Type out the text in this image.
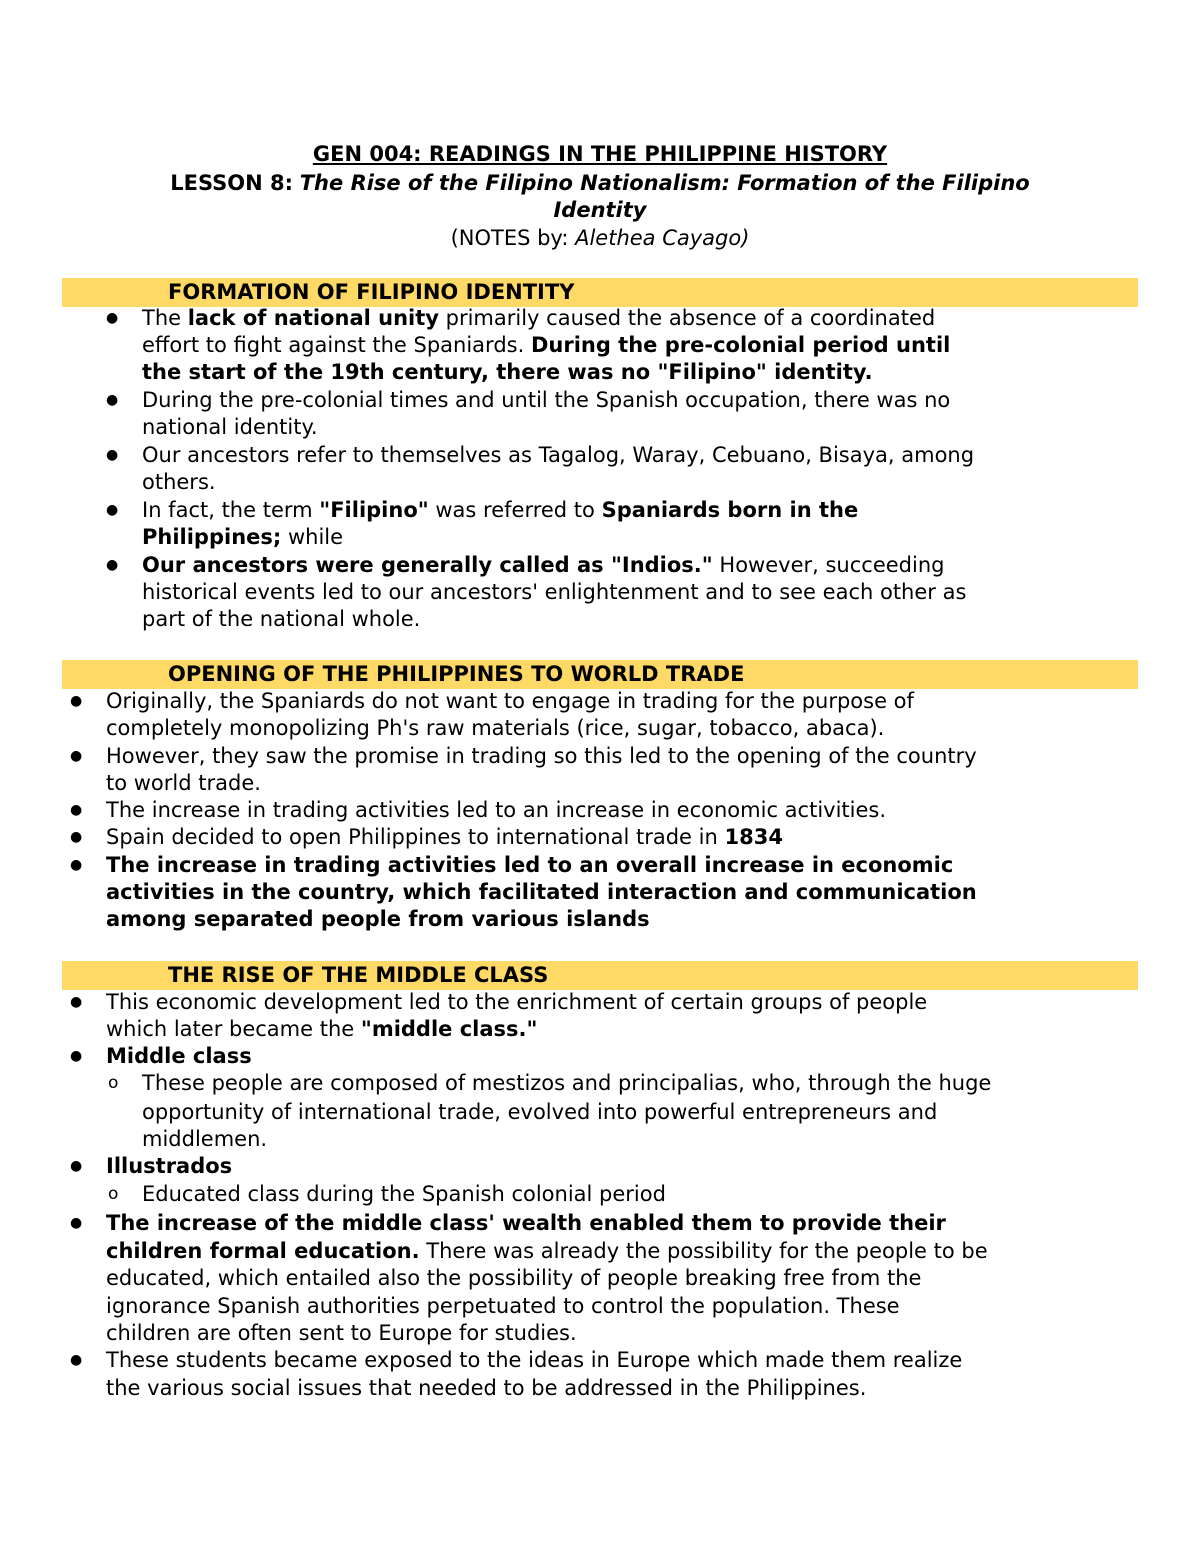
GEN 004: READINGS IN THE PHILIPPINE HISTORY
LESSON 8: The Rise of the Filipino Nationalism: Formation of the Filipino
Identity
(NOTES by: Alethea Cayago)
FORMATION OF FILIPINO IDENTITY
● The lack of national unity primarily caused the absence of a coordinated
effort to fight against the Spaniards. During the pre-colonial period until
the start of the 19th century, there was no "Filipino" identity.
● During the pre-colonial times and until the Spanish occupation, there was no
national identity.
● Our ancestors refer to themselves as Tagalog, Waray, Cebuano, Bisaya, among
others.
● In fact, the term "Filipino" was referred to Spaniards born in the
Philippines; while
● Our ancestors were generally called as "Indios." However, succeeding
historical events led to our ancestors' enlightenment and to see each other as
part of the national whole.
OPENING OF THE PHILIPPINES TO WORLD TRADE
● Originally, the Spaniards do not want to engage in trading for the purpose of
completely monopolizing Ph's raw materials (rice, sugar, tobacco, abaca).
● However, they saw the promise in trading so this led to the opening of the country
to world trade.
● The increase in trading activities led to an increase in economic activities.
● Spain decided to open Philippines to international trade in 1834
● The increase in trading activities led to an overall increase in economic
activities in the country, which facilitated interaction and communication
among separated people from various islands
THE RISE OF THE MIDDLE CLASS
● This economic development led to the enrichment of certain groups of people
which later became the "middle class."
● Middle class
o These people are composed of mestizos and principalias, who, through the huge
opportunity of international trade, evolved into powerful entrepreneurs and
middlemen.
● Illustrados
o Educated class during the Spanish colonial period
● The increase of the middle class' wealth enabled them to provide their
children formal education. There was already the possibility for the people to be
educated, which entailed also the possibility of people breaking free from the
ignorance Spanish authorities perpetuated to control the population. These
children are often sent to Europe for studies.
● These students became exposed to the ideas in Europe which made them realize
the various social issues that needed to be addressed in the Philippines.
